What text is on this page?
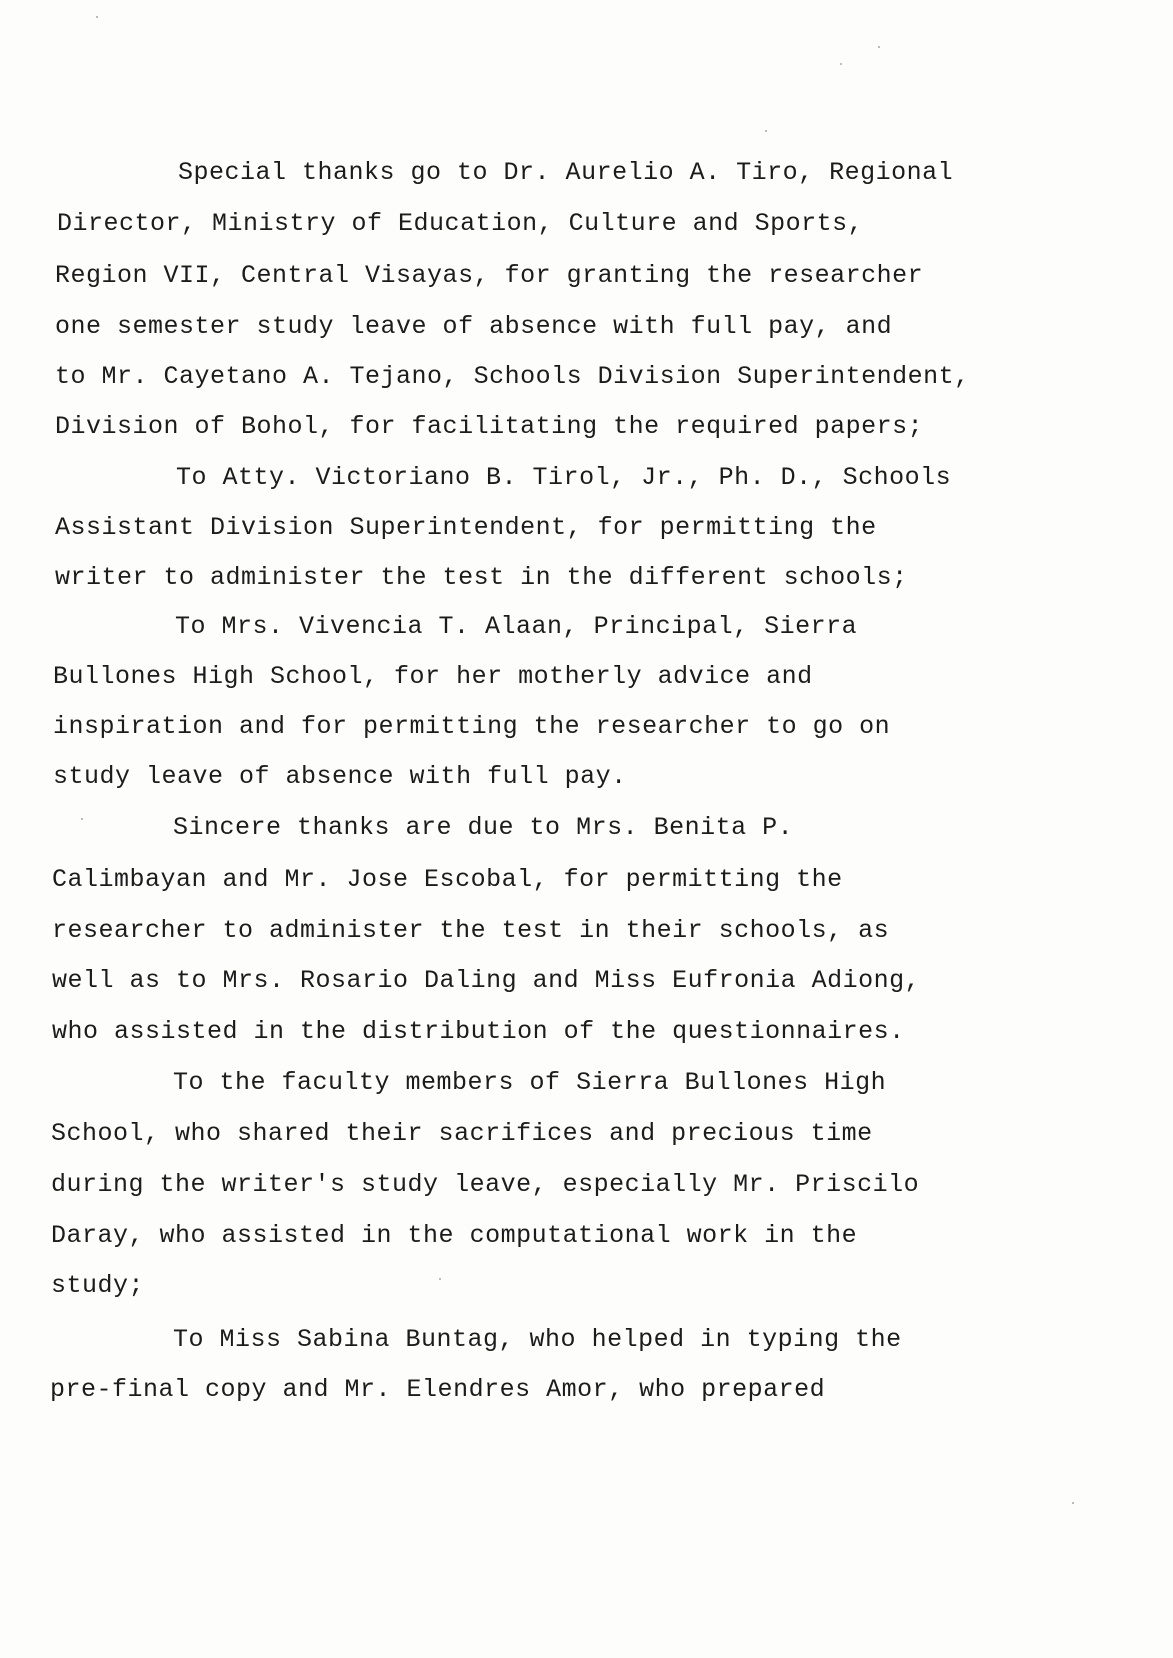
Special thanks go to Dr. Aurelio A. Tiro, Regional
Director, Ministry of Education, Culture and Sports,
Region VII, Central Visayas, for granting the researcher
one semester study leave of absence with full pay, and
to Mr. Cayetano A. Tejano, Schools Division Superintendent,
Division of Bohol, for facilitating the required papers;
To Atty. Victoriano B. Tirol, Jr., Ph. D., Schools
Assistant Division Superintendent, for permitting the
writer to administer the test in the different schools;
To Mrs. Vivencia T. Alaan, Principal, Sierra
Bullones High School, for her motherly advice and
inspiration and for permitting the researcher to go on
study leave of absence with full pay.
Sincere thanks are due to Mrs. Benita P.
Calimbayan and Mr. Jose Escobal, for permitting the
researcher to administer the test in their schools, as
well as to Mrs. Rosario Daling and Miss Eufronia Adiong,
who assisted in the distribution of the questionnaires.
To the faculty members of Sierra Bullones High
School, who shared their sacrifices and precious time
during the writer's study leave, especially Mr. Priscilo
Daray, who assisted in the computational work in the
study;
To Miss Sabina Buntag, who helped in typing the
pre-final copy and Mr. Elendres Amor, who prepared
